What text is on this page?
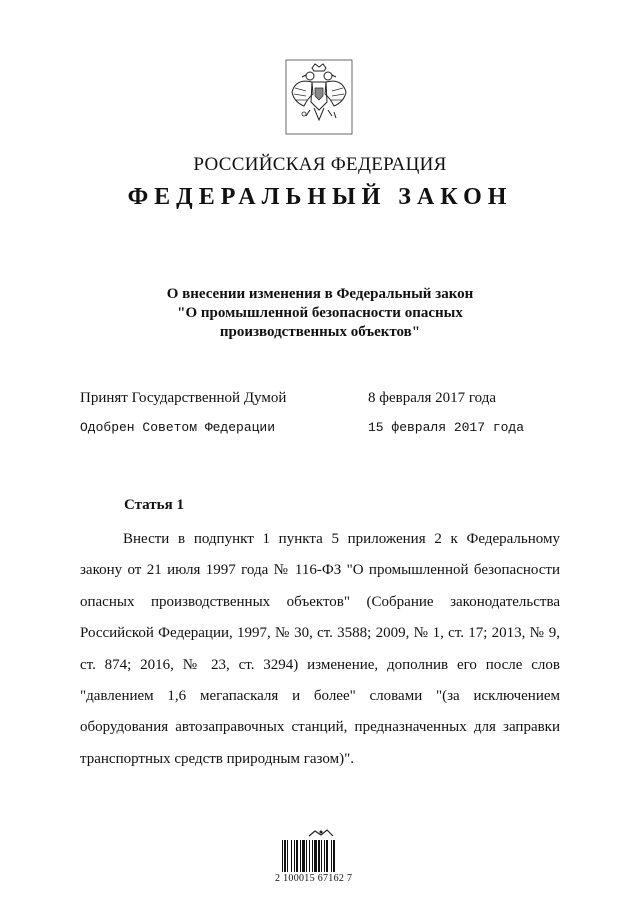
РОССИЙСКАЯ ФЕДЕРАЦИЯ
ФЕДЕРАЛЬНЫЙ ЗАКОН
О внесении изменения в Федеральный закон
"О промышленной безопасности опасных
производственных объектов"
Принят Государственной Думой	8 февраля 2017 года
Одобрен Советом Федерации	15 февраля 2017 года
Статья 1

Внести в подпункт 1 пункта 5 приложения 2 к Федеральному закону от 21 июля 1997 года № 116-ФЗ "О промышленной безопасности опасных производственных объектов" (Собрание законодательства Российской Федерации, 1997, № 30, ст. 3588; 2009, № 1, ст. 17; 2013, № 9, ст. 874; 2016, № 23, ст. 3294) изменение, дополнив его после слов "давлением 1,6 мегапаскаля и более" словами "(за исключением оборудования автозаправочных станций, предназначенных для заправки транспортных средств природным газом)".

2 100015 67162 7
